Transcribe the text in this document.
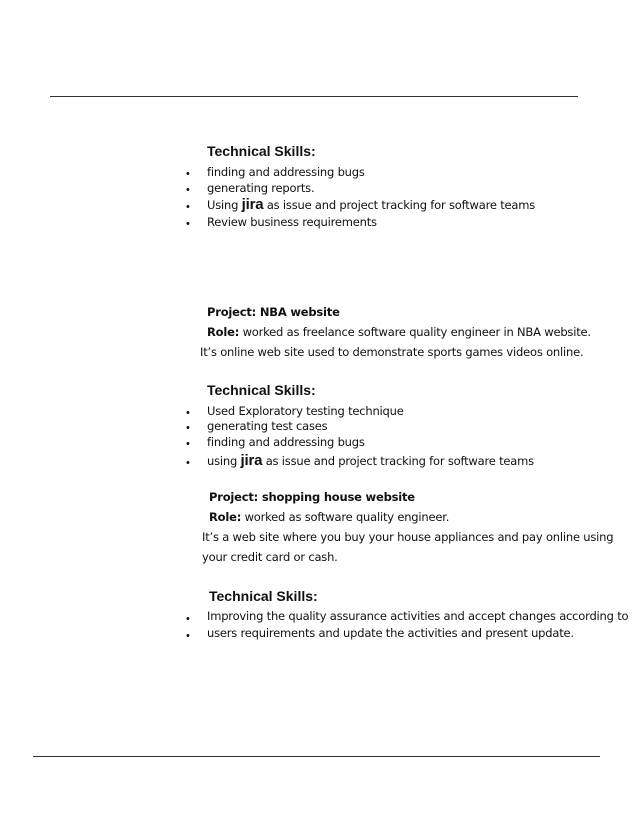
Technical Skills:
• finding and addressing bugs
• generating reports.
• Using jira as issue and project tracking for software teams
• Review business requirements
Project: NBA website
Role: worked as freelance software quality engineer in NBA website.
It’s online web site used to demonstrate sports games videos online.
Technical Skills:
• Used Exploratory testing technique
• generating test cases
• finding and addressing bugs
• using jira as issue and project tracking for software teams
Project: shopping house website
Role: worked as software quality engineer.
It’s a web site where you buy your house appliances and pay online using
your credit card or cash.
Technical Skills:
• Improving the quality assurance activities and accept changes according to
• users requirements and update the activities and present update.
